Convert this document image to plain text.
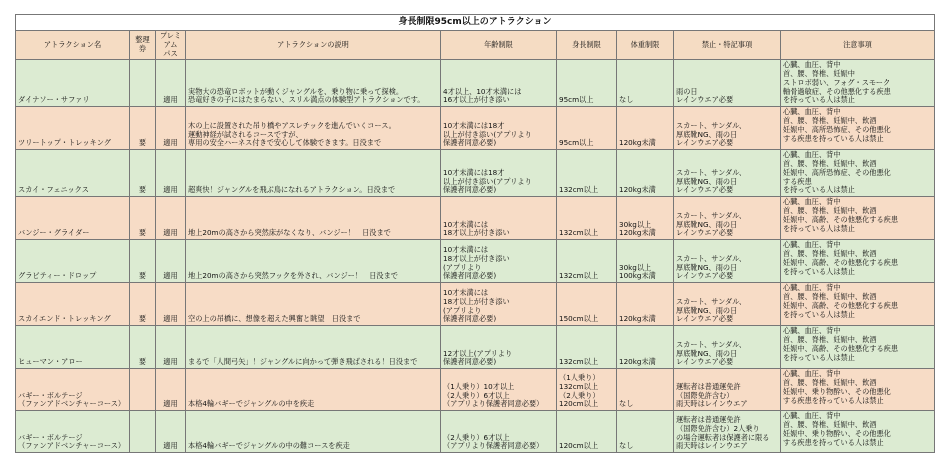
身長制限95cm以上のアトラクション								
アトラクション名	整理券	プレミアム
パス	アトラクションの説明	年齢制限	身長制限	体重制限	禁止・特記事項	注意事項
ダイナソー・サファリ		適用	実物大の恐竜ロボットが動くジャングルを、乗り物に乗って探検。
恐竜好きの子にはたまらない、スリル満点の体験型アトラクションです。	4才以上、10才未満には
16才以上が付き添い	95cm以上	なし	雨の日
レインウエア必要	心臓、血圧、背中
首、腰、脊椎、妊娠中
ストロボ弱い、フォグ・スモーク
軸骨過敏症、その他悪化する疾患
を持っている人は禁止
ツリートップ・トレッキング	要	適用	木の上に設置された吊り橋やアスレチックを進んでいくコース。
運動神経が試されるコースですが、
専用の安全ハーネス付きで安心して体験できます。日没まで	10才未満には18才
以上が付き添い(アプリより
保護者同意必要)	95cm以上	120kg未満	スカート、サンダル、
厚底靴NG、雨の日
レインウエア必要	心臓、血圧、背中
首、腰、脊椎、妊娠中、飲酒
妊娠中、高所恐怖症、その他悪化
する疾患を持っている人は禁止
スカイ・フェニックス	要	適用	超爽快！ジャングルを飛ぶ鳥になれるアトラクション。日没まで	10才未満には18才
以上が付き添い(アプリより
保護者同意必要)	132cm以上	120kg未満	スカート、サンダル、
厚底靴NG、雨の日
レインウエア必要	心臓、血圧、背中
首、腰、脊椎、妊娠中、飲酒
妊娠中、高所恐怖症、その他悪化
する疾患
を持っている人は禁止
バンジー・グライダー	要	適用	地上20mの高さから突然床がなくなり、バンジー！　日没まで	10才未満には
18才以上が付き添い	132cm以上	30kg以上
120kg未満	スカート、サンダル、
厚底靴NG、雨の日
レインウエア必要	心臓、血圧、背中
首、腰、脊椎、妊娠中、飲酒
妊娠中、高齢、その他悪化する疾患
を持っている人は禁止
グラビティー・ドロップ	要	適用	地上20mの高さから突然フックを外され、バンジー！　日没まで	10才未満には
18才以上が付き添い
(アプリより
保護者同意必要)	132cm以上	30kg以上
100kg未満	スカート、サンダル、
厚底靴NG、雨の日
レインウエア必要	心臓、血圧、背中
首、腰、脊椎、妊娠中、飲酒
妊娠中、高齢、その他悪化する疾患
を持っている人は禁止
スカイエンド・トレッキング	要	適用	空の上の吊橋に、想像を超えた興奮と眺望　日没まで	10才未満には
18才以上が付き添い
(アプリより
保護者同意必要)	150cm以上	120kg未満	スカート、サンダル、
厚底靴NG、雨の日
レインウエア必要	心臓、血圧、背中
首、腰、脊椎、妊娠中、飲酒
妊娠中、高齢、その他悪化する疾患
を持っている人は禁止
ヒューマン・アロー	要	適用	まるで「人間弓矢」！ジャングルに向かって弾き飛ばされる！日没まで	12才以上(アプリより
保護者同意必要)	132cm以上	120kg未満	スカート、サンダル、
厚底靴NG、雨の日
レインウエア必要	心臓、血圧、背中
首、腰、脊椎、妊娠中、飲酒
妊娠中、高齢、その他悪化する疾患
を持っている人は禁止
バギー・ボルテージ
（ファンアドベンチャーコース）		適用	本格4輪バギーでジャングルの中を疾走	（1人乗り）10才以上
（2人乗り）6才以上
（アプリより保護者同意必要）	（1人乗り）
132cm以上
（2人乗り）
120cm以上	なし	運転者は普通運免許
（国際免許含む）
雨天時はレインウエア	心臓、血圧、背中
首、腰、脊椎、妊娠中、飲酒
妊娠中、乗り物酔い、その他悪化
する疾患を持っている人は禁止
バギー・ボルテージ
（ファンアドベンチャーコース）		適用	本格4輪バギーでジャングルの中の難コースを疾走	（2人乗り）6才以上
（アプリより保護者同意必要）	120cm以上	なし	運転者は普通運免許
（国際免許含む）2人乗り
の場合運転者は保護者に限る
雨天時はレインウエア	心臓、血圧、背中
首、腰、脊椎、妊娠中、飲酒
妊娠中、乗り物酔い、その他悪化
する疾患を持っている人は禁止
